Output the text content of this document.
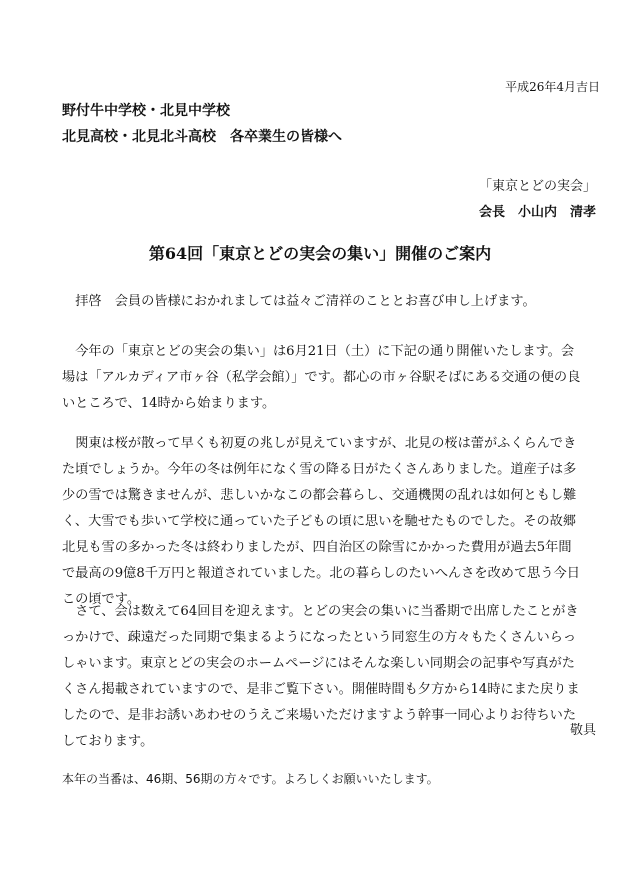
平成26年4月吉日
野付牛中学校・北見中学校
北見高校・北見北斗高校　各卒業生の皆様へ
「東京とどの実会」
会長　小山内　清孝
第64回「東京とどの実会の集い」開催のご案内
拝啓　会員の皆様におかれましては益々ご清祥のこととお喜び申し上げます。
今年の「東京とどの実会の集い」は6月21日（土）に下記の通り開催いたします。会場は「アルカディア市ヶ谷（私学会館）」です。都心の市ヶ谷駅そばにある交通の便の良いところで、14時から始まります。
関東は桜が散って早くも初夏の兆しが見えていますが、北見の桜は蕾がふくらんできた頃でしょうか。今年の冬は例年になく雪の降る日がたくさんありました。道産子は多少の雪では驚きませんが、悲しいかなこの都会暮らし、交通機関の乱れは如何ともし難く、大雪でも歩いて学校に通っていた子どもの頃に思いを馳せたものでした。その故郷北見も雪の多かった冬は終わりましたが、四自治区の除雪にかかった費用が過去5年間で最高の9億8千万円と報道されていました。北の暮らしのたいへんさを改めて思う今日この頃です。
さて、会は数えて64回目を迎えます。とどの実会の集いに当番期で出席したことがきっかけで、疎遠だった同期で集まるようになったという同窓生の方々もたくさんいらっしゃいます。東京とどの実会のホームページにはそんな楽しい同期会の記事や写真がたくさん掲載されていますので、是非ご覧下さい。開催時間も夕方から14時にまた戻りましたので、是非お誘いあわせのうえご来場いただけますよう幹事一同心よりお待ちいたしております。
敬具
本年の当番は、46期、56期の方々です。よろしくお願いいたします。
